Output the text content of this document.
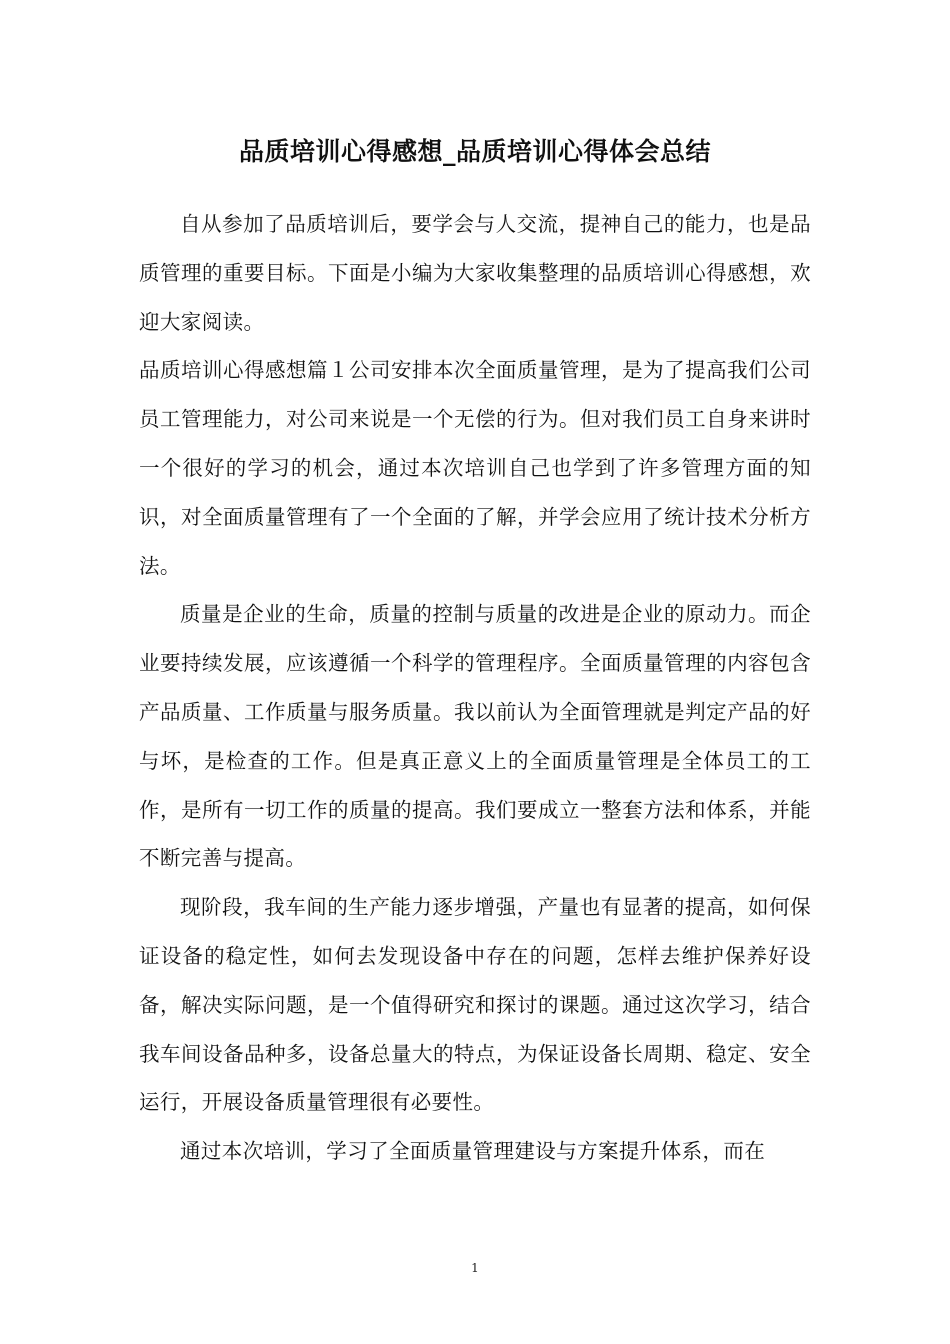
品质培训心得感想_品质培训心得体会总结

自从参加了品质培训后，要学会与人交流，提神自己的能力，也是品质管理的重要目标。下面是小编为大家收集整理的品质培训心得感想，欢迎大家阅读。

品质培训心得感想篇１公司安排本次全面质量管理，是为了提高我们公司员工管理能力，对公司来说是一个无偿的行为。但对我们员工自身来讲时一个很好的学习的机会，通过本次培训自己也学到了许多管理方面的知识，对全面质量管理有了一个全面的了解，并学会应用了统计技术分析方法。

质量是企业的生命，质量的控制与质量的改进是企业的原动力。而企业要持续发展，应该遵循一个科学的管理程序。全面质量管理的内容包含产品质量、工作质量与服务质量。我以前认为全面管理就是判定产品的好与坏，是检查的工作。但是真正意义上的全面质量管理是全体员工的工作，是所有一切工作的质量的提高。我们要成立一整套方法和体系，并能不断完善与提高。

现阶段，我车间的生产能力逐步增强，产量也有显著的提高，如何保证设备的稳定性，如何去发现设备中存在的问题，怎样去维护保养好设备，解决实际问题，是一个值得研究和探讨的课题。通过这次学习，结合我车间设备品种多，设备总量大的特点，为保证设备长周期、稳定、安全运行，开展设备质量管理很有必要性。

通过本次培训，学习了全面质量管理建设与方案提升体系，而在

1
